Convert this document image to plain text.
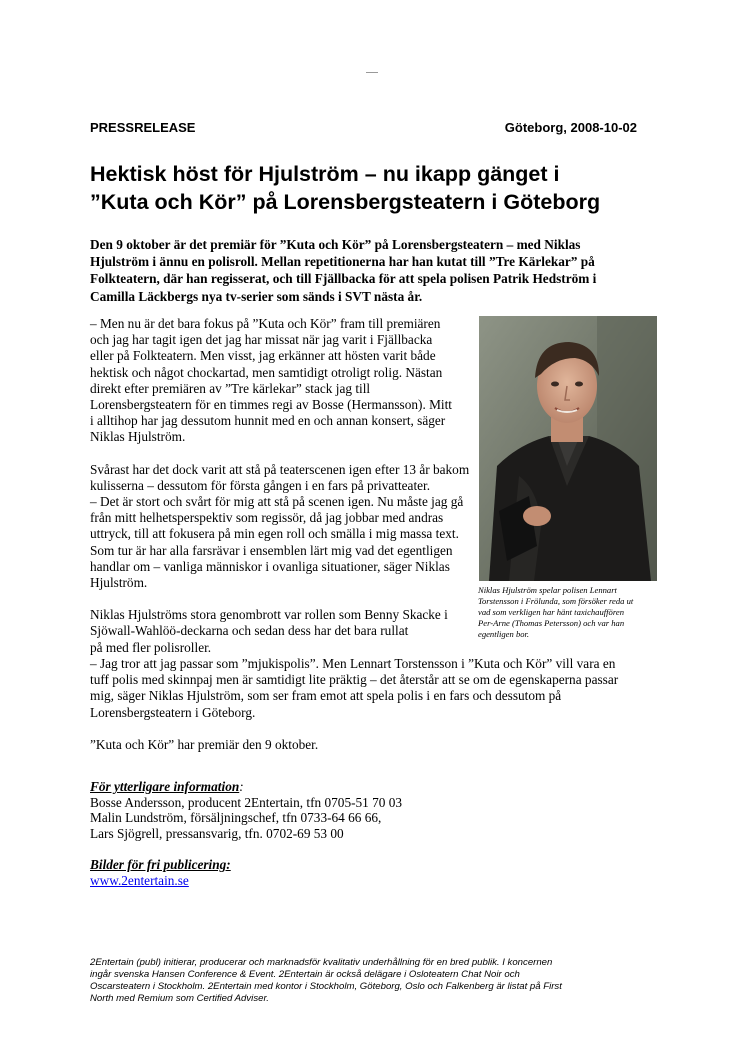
PRESSRELEASE	Göteborg, 2008-10-02
Hektisk höst för Hjulström – nu ikapp gänget i
”Kuta och Kör” på Lorensbergsteatern i Göteborg

Den 9 oktober är det premiär för ”Kuta och Kör” på Lorensbergsteatern – med Niklas
Hjulström i ännu en polisroll. Mellan repetitionerna har han kutat till ”Tre Kärlekar” på
Folkteatern, där han regisserat, och till Fjällbacka för att spela polisen Patrik Hedström i
Camilla Läckbergs nya tv-serier som sänds i SVT nästa år.

– Men nu är det bara fokus på ”Kuta och Kör” fram till premiären
och jag har tagit igen det jag har missat när jag varit i Fjällbacka
eller på Folkteatern. Men visst, jag erkänner att hösten varit både
hektisk och något chockartad, men samtidigt otroligt rolig. Nästan
direkt efter premiären av ”Tre kärlekar” stack jag till
Lorensbergsteatern för en timmes regi av Bosse (Hermansson). Mitt
i alltihop har jag dessutom hunnit med en och annan konsert, säger
Niklas Hjulström.

Svårast har det dock varit att stå på teaterscenen igen efter 13 år bakom
kulisserna – dessutom för första gången i en fars på privatteater.
– Det är stort och svårt för mig att stå på scenen igen. Nu måste jag gå
från mitt helhetsperspektiv som regissör, då jag jobbar med andras
uttryck, till att fokusera på min egen roll och smälla i mig massa text.
Som tur är har alla farsrävar i ensemblen lärt mig vad det egentligen
handlar om – vanliga människor i ovanliga situationer, säger Niklas
Hjulström.

Niklas Hjulströms stora genombrott var rollen som Benny Skacke i
Sjöwall-Wahlöö-deckarna och sedan dess har det bara rullat
på med fler polisroller.

Niklas Hjulström spelar polisen Lennart
Torstensson i Frölunda, som försöker reda ut
vad som verkligen har hänt taxichauffören
Per-Arne (Thomas Petersson) och var han
egentligen bor.

– Jag tror att jag passar som ”mjukispolis”. Men Lennart Torstensson i ”Kuta och Kör” vill vara en
tuff polis med skinnpaj men är samtidigt lite präktig – det återstår att se om de egenskaperna passar
mig, säger Niklas Hjulström, som ser fram emot att spela polis i en fars och dessutom på
Lorensbergsteatern i Göteborg.

”Kuta och Kör” har premiär den 9 oktober.

För ytterligare information:
Bosse Andersson, producent 2Entertain, tfn 0705-51 70 03
Malin Lundström, försäljningschef, tfn 0733-64 66 66,
Lars Sjögrell, pressansvarig, tfn. 0702-69 53 00
Bilder för fri publicering:
www.2entertain.se
2Entertain (publ) initierar, producerar och marknadsför kvalitativ underhållning för en bred publik. I koncernen
ingår svenska Hansen Conference & Event. 2Entertain är också delägare i Osloteatern Chat Noir och
Oscarsteatern i Stockholm. 2Entertain med kontor i Stockholm, Göteborg, Oslo och Falkenberg är listat på First
North med Remium som Certified Adviser.
